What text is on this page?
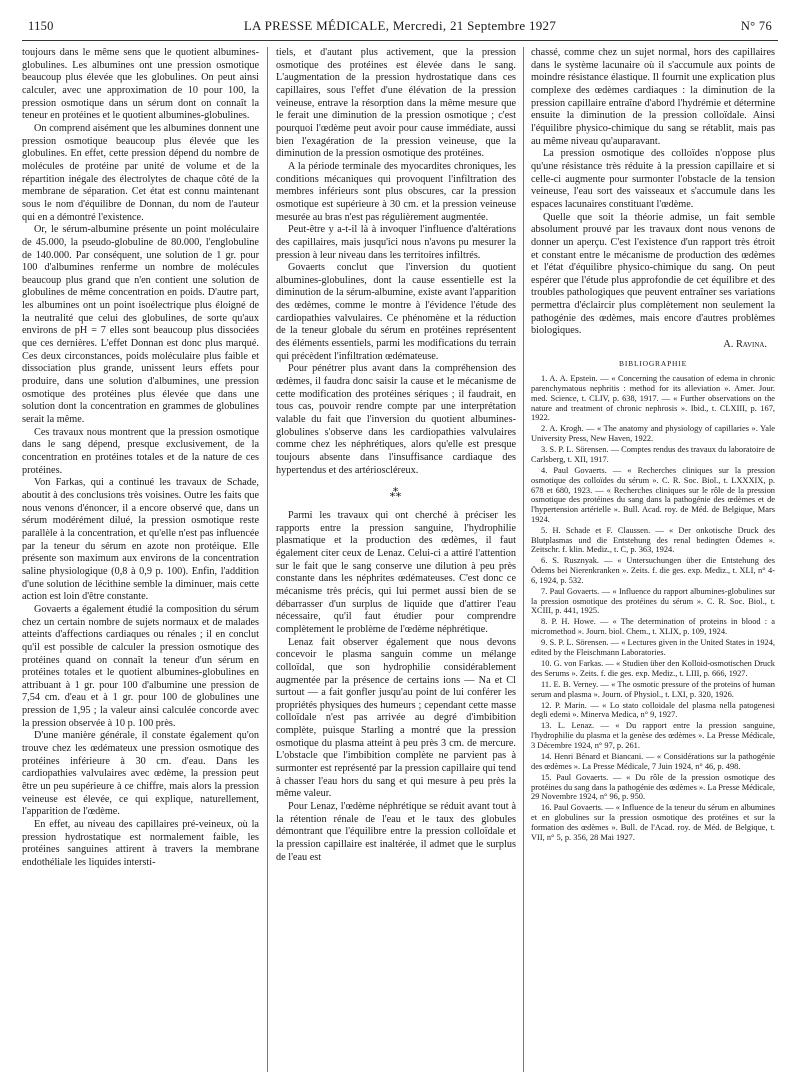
1150	LA PRESSE MÉDICALE, Mercredi, 21 Septembre 1927	N° 76

toujours dans le même sens que le quotient albumines-globulines. Les albumines ont une pression osmotique beaucoup plus élevée que les globulines. On peut ainsi calculer, avec une approximation de 10 pour 100, la pression osmotique dans un sérum dont on connaît la teneur en protéines et le quotient albumines-globulines.

On comprend aisément que les albumines donnent une pression osmotique beaucoup plus élevée que les globulines. En effet, cette pression dépend du nombre de molécules de protéine par unité de volume et de la répartition inégale des électrolytes de chaque côté de la membrane de séparation. Cet état est connu maintenant sous le nom d'équilibre de Donnan, du nom de l'auteur qui en a démontré l'existence.

Or, le sérum-albumine présente un point moléculaire de 45.000, la pseudo-globuline de 80.000, l'englobuline de 140.000. Par conséquent, une solution de 1 gr. pour 100 d'albumines renferme un nombre de molécules beaucoup plus grand que n'en contient une solution de globulines de même concentration en poids. D'autre part, les albumines ont un point isoélectrique plus éloigné de la neutralité que celui des globulines, de sorte qu'aux environs de pH = 7 elles sont beaucoup plus dissociées que ces dernières. L'effet Donnan est donc plus marqué. Ces deux circonstances, poids moléculaire plus faible et dissociation plus grande, unissent leurs effets pour produire, dans une solution d'albumines, une pression osmotique des protéines plus élevée que dans une solution dont la concentration en grammes de globulines serait la même.

Ces travaux nous montrent que la pression osmotique dans le sang dépend, presque exclusivement, de la concentration en protéines totales et de la nature de ces protéines.

Von Farkas, qui a continué les travaux de Schade, aboutit à des conclusions très voisines. Outre les faits que nous venons d'énoncer, il a encore observé que, dans un sérum modérément dilué, la pression osmotique reste parallèle à la concentration, et qu'elle n'est pas influencée par la teneur du sérum en azote non protéique. Elle présente son maximum aux environs de la concentration saline physiologique (0,8 à 0,9 p. 100). Enfin, l'addition d'une solution de lécithine semble la diminuer, mais cette action est loin d'être constante.

Govaerts a également étudié la composition du sérum chez un certain nombre de sujets normaux et de malades atteints d'affections cardiaques ou rénales ; il en conclut qu'il est possible de calculer la pression osmotique des protéines quand on connaît la teneur d'un sérum en protéines totales et le quotient albumines-globulines en attribuant à 1 gr. pour 100 d'albumine une pression de 7,54 cm. d'eau et à 1 gr. pour 100 de globulines une pression de 1,95 ; la valeur ainsi calculée concorde avec la pression observée à 10 p. 100 près.

D'une manière générale, il constate également qu'on trouve chez les œdémateux une pression osmotique des protéines inférieure à 30 cm. d'eau. Dans les cardiopathies valvulaires avec œdème, la pression peut être un peu supérieure à ce chiffre, mais alors la pression veineuse est élevée, ce qui explique, naturellement, l'apparition de l'œdème.

En effet, au niveau des capillaires pré-veineux, où la pression hydrostatique est normalement faible, les protéines sanguines attirent à travers la membrane endothéliale les liquides intersti-

tiels, et d'autant plus activement, que la pression osmotique des protéines est élevée dans le sang. L'augmentation de la pression hydrostatique dans ces capillaires, sous l'effet d'une élévation de la pression veineuse, entrave la résorption dans la même mesure que le ferait une diminution de la pression osmotique ; c'est pourquoi l'œdème peut avoir pour cause immédiate, aussi bien l'exagération de la pression veineuse, que la diminution de la pression osmotique des protéines.

A la période terminale des myocardites chroniques, les conditions mécaniques qui provoquent l'infiltration des membres inférieurs sont plus obscures, car la pression osmotique est supérieure à 30 cm. et la pression veineuse mesurée au bras n'est pas régulièrement augmentée.

Peut-être y a-t-il là à invoquer l'influence d'altérations des capillaires, mais jusqu'ici nous n'avons pu mesurer la pression à leur niveau dans les territoires infiltrés.

Govaerts conclut que l'inversion du quotient albumines-globulines, dont la cause essentielle est la diminution de la sérum-albumine, existe avant l'apparition des œdèmes, comme le montre à l'évidence l'étude des cardiopathies valvulaires. Ce phénomène et la réduction de la teneur globale du sérum en protéines représentent des éléments essentiels, parmi les modifications du terrain qui précèdent l'infiltration œdémateuse.

Pour pénétrer plus avant dans la compréhension des œdèmes, il faudra donc saisir la cause et le mécanisme de cette modification des protéines sériques ; il faudrait, en tous cas, pouvoir rendre compte par une interprétation valable du fait que l'inversion du quotient albumines-globulines s'observe dans les cardiopathies valvulaires comme chez les néphrétiques, alors qu'elle est presque toujours absente dans l'insuffisance cardiaque des hypertendus et des artérioscléreux.

⁂

Parmi les travaux qui ont cherché à préciser les rapports entre la pression sanguine, l'hydrophilie plasmatique et la production des œdèmes, il faut également citer ceux de Lenaz. Celui-ci a attiré l'attention sur le fait que le sang conserve une dilution à peu près constante dans les néphrites œdémateuses. C'est donc ce mécanisme très précis, qui lui permet aussi bien de se débarrasser d'un surplus de liquide que d'attirer l'eau nécessaire, qu'il faut étudier pour comprendre complètement le problème de l'œdème néphrétique.

Lenaz fait observer également que nous devons concevoir le plasma sanguin comme un mélange colloïdal, que son hydrophilie considérablement augmentée par la présence de certains ions — Na et Cl surtout — a fait gonfler jusqu'au point de lui conférer les propriétés physiques des humeurs ; cependant cette masse colloïdale n'est pas arrivée au degré d'imbibition complète, puisque Starling a montré que la pression osmotique du plasma atteint à peu près 3 cm. de mercure. L'obstacle que l'imbibition complète ne parvient pas à surmonter est représenté par la pression capillaire qui tend à chasser l'eau hors du sang et qui mesure à peu près la même valeur.

Pour Lenaz, l'œdème néphrétique se réduit avant tout à la rétention rénale de l'eau et le taux des globules démontrant que l'équilibre entre la pression colloïdale et la pression capillaire est inaltérée, il admet que le surplus de l'eau est

chassé, comme chez un sujet normal, hors des capillaires dans le système lacunaire où il s'accumule aux points de moindre résistance élastique. Il fournit une explication plus complexe des œdèmes cardiaques : la diminution de la pression capillaire entraîne d'abord l'hydrémie et détermine ensuite la diminution de la pression colloïdale. Ainsi l'équilibre physico-chimique du sang se rétablit, mais pas au même niveau qu'auparavant.

La pression osmotique des colloïdes n'oppose plus qu'une résistance très réduite à la pression capillaire et si celle-ci augmente pour surmonter l'obstacle de la tension veineuse, l'eau sort des vaisseaux et s'accumule dans les espaces lacunaires constituant l'œdème.

Quelle que soit la théorie admise, un fait semble absolument prouvé par les travaux dont nous venons de donner un aperçu. C'est l'existence d'un rapport très étroit et constant entre le mécanisme de production des œdèmes et l'état d'équilibre physico-chimique du sang. On peut espérer que l'étude plus approfondie de cet équilibre et des troubles pathologiques que peuvent entraîner ses variations permettra d'éclaircir plus complètement non seulement la pathogénie des œdèmes, mais encore d'autres problèmes biologiques.

A. Ravina.

BIBLIOGRAPHIE

1. A. A. Epstein. — « Concerning the causation of edema in chronic parenchymatous nephritis : method for its alleviation ». Amer. Jour. med. Science, t. CLIV, p. 638, 1917. — « Further observations on the nature and treatment of chronic nephrosis ». Ibid., t. CLXIII, p. 167, 1922.

2. A. Krogh. — « The anatomy and physiology of capillaries ». Yale University Press, New Haven, 1922.

3. S. P. L. Sörensen. — Comptes rendus des travaux du laboratoire de Carlsberg, t. XII, 1917.

4. Paul Govaerts. — « Recherches cliniques sur la pression osmotique des colloïdes du sérum ». C. R. Soc. Biol., t. LXXXIX, p. 678 et 680, 1923. — « Recherches cliniques sur le rôle de la pression osmotique des protéines du sang dans la pathogénie des œdèmes et de l'hypertension artérielle ». Bull. Acad. roy. de Méd. de Belgique, Mars 1924.

5. H. Schade et F. Claussen. — « Der onkotische Druck des Blutplasmas und die Entstehung des renal bedingten Ödemes ». Zeitschr. f. klin. Mediz., t. C, p. 363, 1924.

6. S. Rusznyak. — « Untersuchungen über die Entstehung des Ödems bei Nierenkranken ». Zeits. f. die ges. exp. Mediz., t. XLI, n° 4-6, 1924, p. 532.

7. Paul Govaerts. — « Influence du rapport albumines-globulines sur la pression osmotique des protéines du sérum ». C. R. Soc. Biol., t. XCIII, p. 441, 1925.

8. P. H. Howe. — « The determination of proteins in blood : a micromethod ». Journ. biol. Chem., t. XLIX, p. 109, 1924.

9. S. P. L. Sörensen. — « Lectures given in the United States in 1924, edited by the Fleischmann Laboratories.

10. G. von Farkas. — « Studien über den Kolloid-osmotischen Druck des Serums ». Zeits. f. die ges. exp. Mediz., t. LIII, p. 666, 1927.

11. E. B. Verney. — « The osmotic pressure of the proteins of human serum and plasma ». Journ. of Physiol., t. LXI, p. 320, 1926.

12. P. Marin. — « Lo stato colloidale del plasma nella patogenesi degli edemi ». Minerva Medica, n° 9, 1927.

13. L. Lenaz. — « Du rapport entre la pression sanguine, l'hydrophilie du plasma et la genèse des œdèmes ». La Presse Médicale, 3 Décembre 1924, n° 97, p. 261.

14. Henri Bénard et Biancani. — « Considérations sur la pathogénie des œdèmes ». La Presse Médicale, 7 Juin 1924, n° 46, p. 498.

15. Paul Govaerts. — « Du rôle de la pression osmotique des protéines du sang dans la pathogénie des œdèmes ». La Presse Médicale, 29 Novembre 1924, n° 96, p. 950.

16. Paul Govaerts. — « Influence de la teneur du sérum en albumines et en globulines sur la pression osmotique des protéines et sur la formation des œdèmes ». Bull. de l'Acad. roy. de Méd. de Belgique, t. VII, n° 5, p. 356, 28 Mai 1927.
